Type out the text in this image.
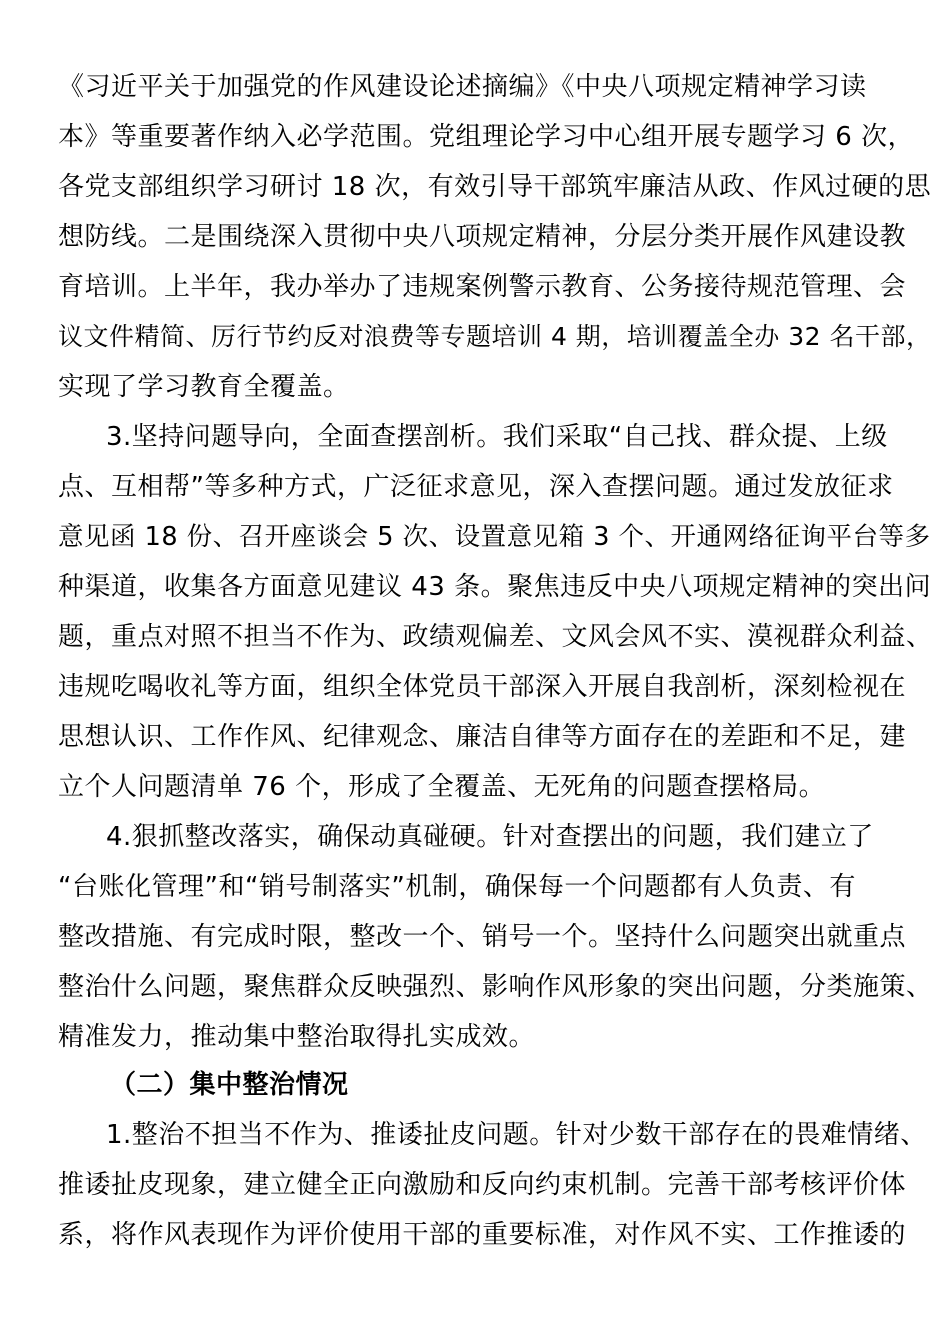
《习近平关于加强党的作风建设论述摘编》《中央八项规定精神学习读
本》等重要著作纳入必学范围。党组理论学习中心组开展专题学习 6 次，
各党支部组织学习研讨 18 次，有效引导干部筑牢廉洁从政、作风过硬的思
想防线。二是围绕深入贯彻中央八项规定精神，分层分类开展作风建设教
育培训。上半年，我办举办了违规案例警示教育、公务接待规范管理、会
议文件精简、厉行节约反对浪费等专题培训 4 期，培训覆盖全办 32 名干部，
实现了学习教育全覆盖。
3.坚持问题导向，全面查摆剖析。我们采取“自己找、群众提、上级
点、互相帮”等多种方式，广泛征求意见，深入查摆问题。通过发放征求
意见函 18 份、召开座谈会 5 次、设置意见箱 3 个、开通网络征询平台等多
种渠道，收集各方面意见建议 43 条。聚焦违反中央八项规定精神的突出问
题，重点对照不担当不作为、政绩观偏差、文风会风不实、漠视群众利益、
违规吃喝收礼等方面，组织全体党员干部深入开展自我剖析，深刻检视在
思想认识、工作作风、纪律观念、廉洁自律等方面存在的差距和不足，建
立个人问题清单 76 个，形成了全覆盖、无死角的问题查摆格局。
4.狠抓整改落实，确保动真碰硬。针对查摆出的问题，我们建立了
“台账化管理”和“销号制落实”机制，确保每一个问题都有人负责、有
整改措施、有完成时限，整改一个、销号一个。坚持什么问题突出就重点
整治什么问题，聚焦群众反映强烈、影响作风形象的突出问题，分类施策、
精准发力，推动集中整治取得扎实成效。
（二）集中整治情况
1.整治不担当不作为、推诿扯皮问题。针对少数干部存在的畏难情绪、
推诿扯皮现象，建立健全正向激励和反向约束机制。完善干部考核评价体
系，将作风表现作为评价使用干部的重要标准，对作风不实、工作推诿的
